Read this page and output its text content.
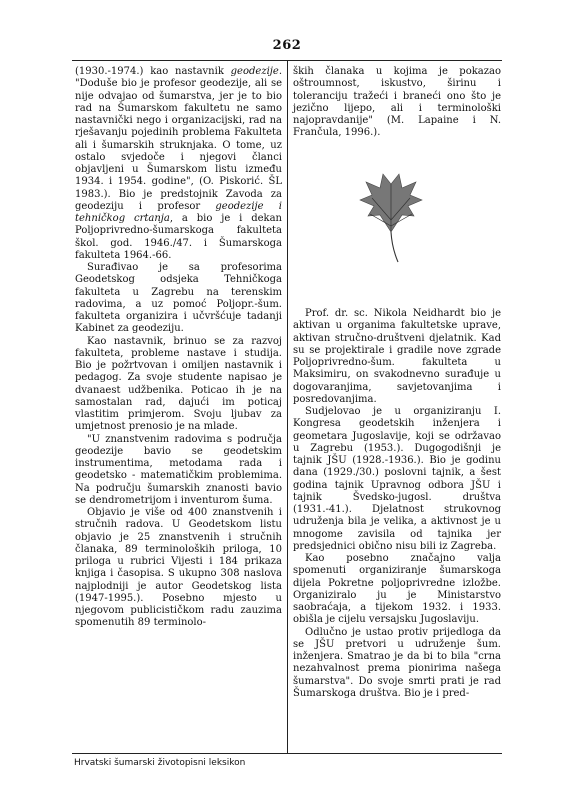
262

(1930.-1974.) kao nastavnik geodezije. "Doduše bio je profesor geodezije, ali se nije odvajao od šumarstva, jer je to bio rad na Šumarskom fakultetu ne samo nastavnički nego i organizacijski, rad na rješavanju pojedinih problema Fakulteta ali i šumarskih struknjaka. O tome, uz ostalo svjedoče i njegovi članci objavljeni u Šumarskom listu između 1934. i 1954. godine", (O. Piskorić. ŠL 1983.). Bio je predstojnik Zavoda za geodeziju i profesor geodezije i tehničkog crtanja, a bio je i dekan Poljoprivredno-šumarskoga fakulteta škol. god. 1946./47. i Šumarskoga fakulteta 1964.-66.

Surađivao je sa profesorima Geodetskog odsjeka Tehničkoga fakulteta u Zagrebu na terenskim radovima, a uz pomoć Poljopr.-šum. fakulteta organizira i učvršćuje tadanji Kabinet za geodeziju.

Kao nastavnik, brinuo se za razvoj fakulteta, probleme nastave i studija. Bio je požrtvovan i omiljen nastavnik i pedagog. Za svoje studente napisao je dvanaest udžbenika. Poticao ih je na samostalan rad, dajući im poticaj vlastitim primjerom. Svoju ljubav za umjetnost prenosio je na mlade.

"U znanstvenim radovima s područja geodezije bavio se geodetskim instrumentima, metodama rada i geodetsko - matematičkim problemima. Na području šumarskih znanosti bavio se dendrometrijom i inventurom šuma.

Objavio je više od 400 znanstvenih i stručnih radova. U Geodetskom listu objavio je 25 znanstvenih i stručnih članaka, 89 terminoloških priloga, 10 priloga u rubrici Vijesti i 184 prikaza knjiga i časopisa. S ukupno 308 naslova najplodniji je autor Geodetskog lista (1947-1995.). Posebno mjesto u njegovom publicističkom radu zauzima spomenutih 89 terminolo-

ških članaka u kojima je pokazao oštroumnost, iskustvo, širinu i toleranciju tražeći i braneći ono što je jezično lijepo, ali i terminološki najopravdanije" (M. Lapaine i N. Frančula, 1996.).

Prof. dr. sc. Nikola Neidhardt bio je aktivan u organima fakultetske uprave, aktivan stručno-društveni djelatnik. Kad su se projektirale i gradile nove zgrade Poljoprivredno-šum. fakulteta u Maksimiru, on svakodnevno surađuje u dogovaranjima, savjetovanjima i posredovanjima.

Sudjelovao je u organiziranju I. Kongresa geodetskih inženjera i geometara Jugoslavije, koji se održavao u Zagrebu (1953.). Dugogodišnji je tajnik JŠU (1928.-1936.). Bio je godinu dana (1929./30.) poslovni tajnik, a šest godina tajnik Upravnog odbora JŠU i tajnik Švedsko-jugosl. društva (1931.-41.). Djelatnost strukovnog udruženja bila je velika, a aktivnost je u mnogome zavisila od tajnika jer predsjednici obično nisu bili iz Zagreba.

Kao posebno značajno valja spomenuti organiziranje šumarskoga dijela Pokretne poljoprivredne izložbe. Organiziralo ju je Ministarstvo saobraćaja, a tijekom 1932. i 1933. obišla je cijelu versajsku Jugoslaviju.

Odlučno je ustao protiv prijedloga da se JŠU pretvori u udruženje šum. inženjera. Smatrao je da bi to bila "crna nezahvalnost prema pionirima našega šumarstva". Do svoje smrti prati je rad Šumarskoga društva. Bio je i pred-

Hrvatski šumarski životopisni leksikon
